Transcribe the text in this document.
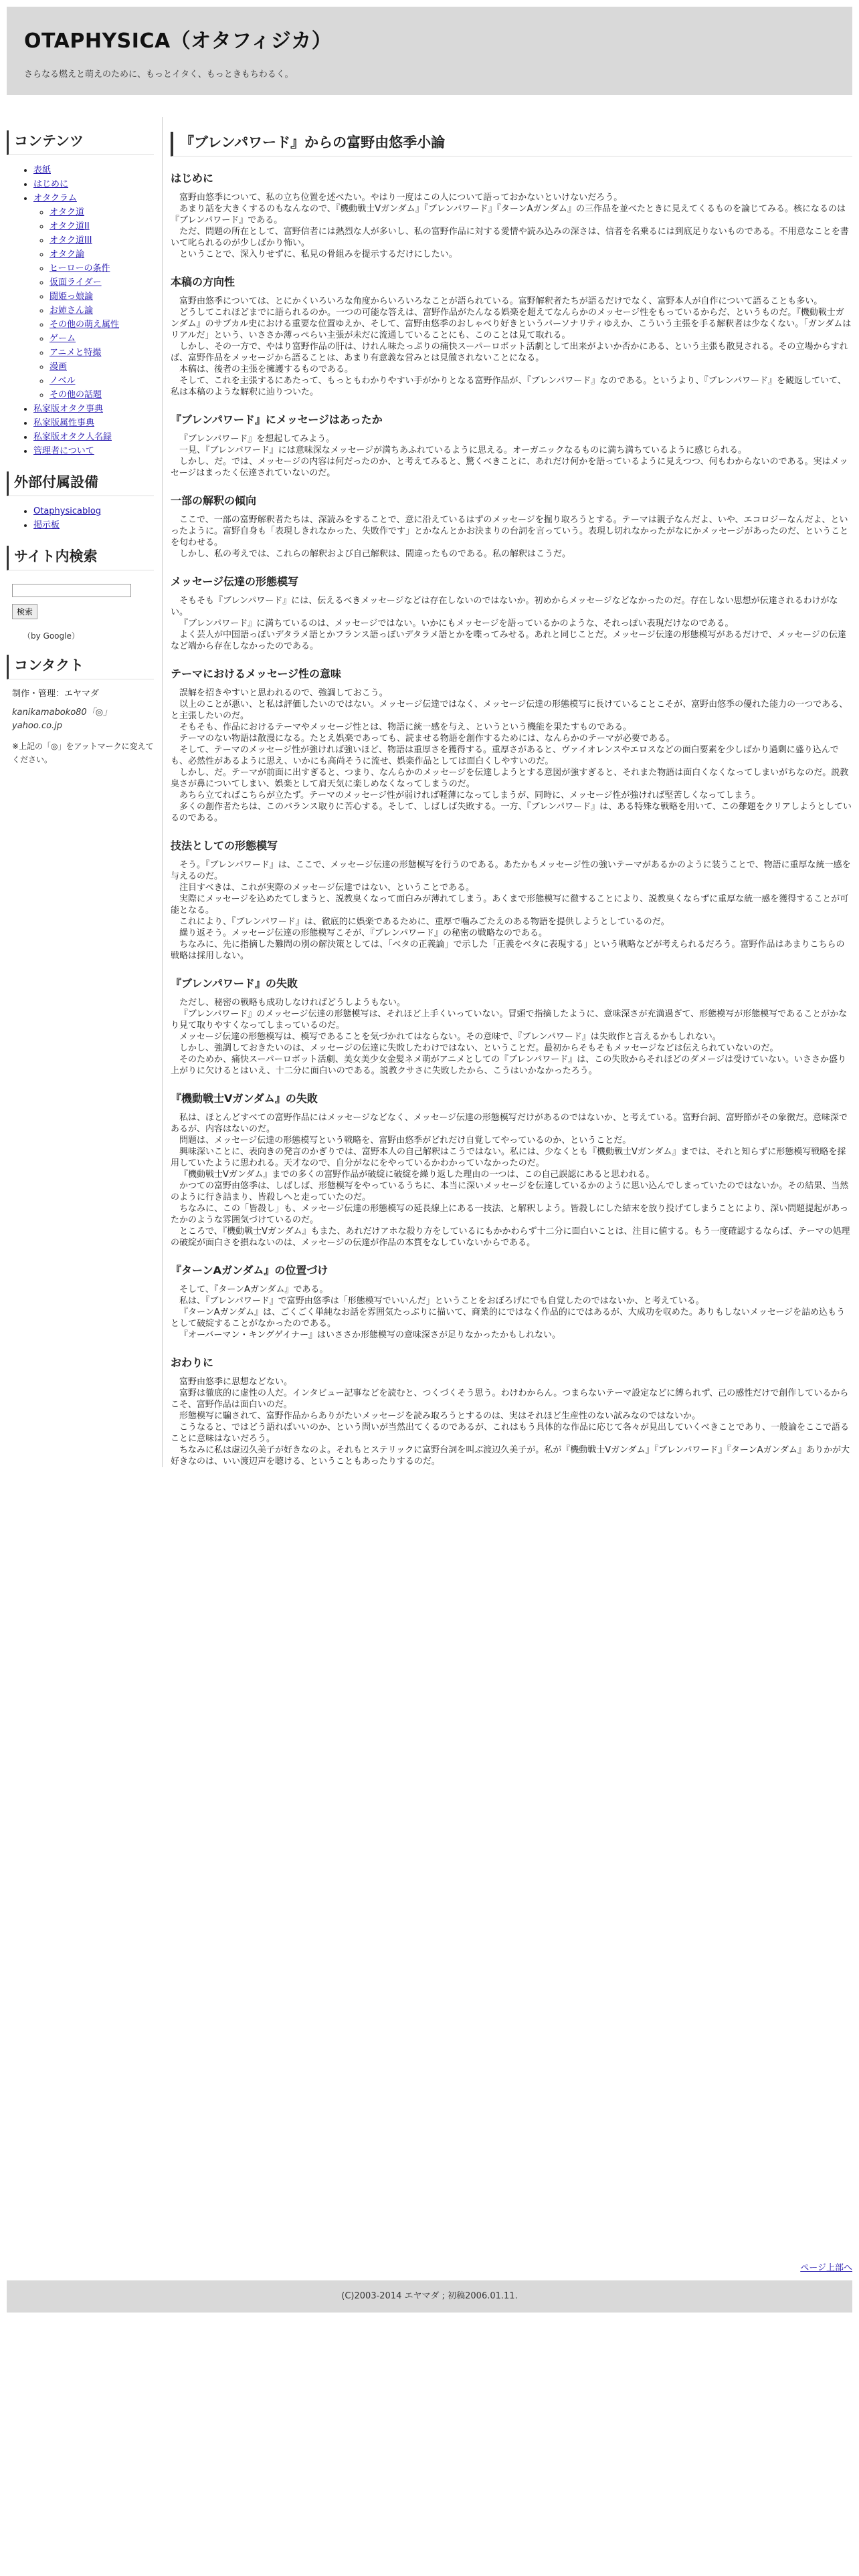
OTAPHYSICA（オタフィジカ）

さらなる燃えと萌えのために、もっとイタく、もっときもちわるく。

コンテンツ
• 表紙
• はじめに
• オタクラム
◦ オタク道
◦ オタク道II
◦ オタク道III
◦ オタク論
◦ ヒーローの条件
◦ 仮面ライダー
◦ 闘姫っ娘論
◦ お姉さん論
◦ その他の萌え属性
◦ ゲーム
◦ アニメと特撮
◦ 漫画
◦ ノベル
◦ その他の話題
• 私家版オタク事典
• 私家版属性事典
• 私家版オタク人名録
• 管理者について
外部付属設備
• Otaphysicablog
• 掲示板
サイト内検索

検索
（by Google）
コンタクト

制作・管理：エヤマダ

kanikamaboko80「◎」
yahoo.co.jp

※上記の「◎」をアットマークに変えてください。

『ブレンパワード』からの富野由悠季小論
はじめに

富野由悠季について、私の立ち位置を述べたい。やはり一度はこの人について語っておかないといけないだろう。

あまり話を大きくするのもなんなので、『機動戦士Vガンダム』『ブレンパワード』『ターンAガンダム』の三作品を並べたときに見えてくるものを論じてみる。核になるのは『ブレンパワード』である。

ただ、問題の所在として、富野信者には熱烈な人が多いし、私の富野作品に対する愛情や読み込みの深さは、信者を名乗るには到底足りないものである。不用意なことを書いて叱られるのが少しばかり怖い。

ということで、深入りせずに、私見の骨組みを提示するだけにしたい。

本稿の方向性

富野由悠季については、とにかくいろいろな角度からいろいろなことが語られている。富野解釈者たちが語るだけでなく、富野本人が自作について語ることも多い。

どうしてこれほどまでに語られるのか。一つの可能な答えは、富野作品がたんなる娯楽を超えてなんらかのメッセージ性をもっているからだ、というものだ。『機動戦士ガンダム』のサブカル史における重要な位置ゆえか、そして、富野由悠季のおしゃべり好きというパーソナリティゆえか、こういう主張を手る解釈者は少なくない。「ガンダムはリアルだ」という、いささか薄っぺらい主張が未だに流通していることにも、このことは見て取れる。

しかし、その一方で、やはり富野作品の肝は、けれん味たっぷりの痛快スーパーロボット活劇として出来がよいか否かにある、という主張も散見される。その立場からすれば、富野作品をメッセージから語ることは、あまり有意義な営みとは見做されないことになる。

本稿は、後者の主張を擁護するものである。

そして、これを主張するにあたって、もっともわかりやすい手がかりとなる富野作品が、『ブレンパワード』なのである。というより、『ブレンパワード』を観返していて、私は本稿のような解釈に辿りついた。

『ブレンパワード』にメッセージはあったか

『ブレンパワード』を想起してみよう。

一見、『ブレンパワード』には意味深なメッセージが満ちあふれているように思える。オーガニックなるものに満ち満ちているように感じられる。

しかし、だ。では、メッセージの内容は何だったのか、と考えてみると、驚くべきことに、あれだけ何かを語っているように見えつつ、何もわからないのである。実はメッセージはまったく伝達されていないのだ。

一部の解釈の傾向

ここで、一部の富野解釈者たちは、深読みをすることで、意に沿えているはずのメッセージを掘り取ろうとする。テーマは親子なんだよ、いや、エコロジーなんだよ、といったように。富野自身も「表現しきれなかった、失敗作です」とかなんとかお決まりの台詞を言っていう。表現し切れなかったがなにかメッセージがあったのだ、ということを匂わせる。

しかし、私の考えでは、これらの解釈および自己解釈は、間違ったものである。私の解釈はこうだ。

メッセージ伝達の形態模写

そもそも『ブレンパワード』には、伝えるべきメッセージなどは存在しないのではないか。初めからメッセージなどなかったのだ。存在しない思想が伝達されるわけがない。

『ブレンパワード』に満ちているのは、メッセージではない。いかにもメッセージを語っているかのような、それっぽい表現だけなのである。

よく芸人が中国語っぽいデタラメ語とかフランス語っぽいデタラメ語とかを喋ってみせる。あれと同じことだ。メッセージ伝達の形態模写があるだけで、メッセージの伝達など端から存在しなかったのである。

テーマにおけるメッセージ性の意味

誤解を招きやすいと思われるので、強調しておこう。

以上のことが悪い、と私は評価したいのではない。メッセージ伝達ではなく、メッセージ伝達の形態模写に長けていることこそが、富野由悠季の優れた能力の一つである、と主張したいのだ。

そもそも、作品におけるテーマやメッセージ性とは、物語に統一感を与え、というという機能を果たすものである。

テーマのない物語は散漫になる。たとえ娯楽であっても、読ませる物語を創作するためには、なんらかのテーマが必要である。

そして、テーマのメッセージ性が強ければ強いほど、物語は重厚さを獲得する。重厚さがあると、ヴァイオレンスやエロスなどの面白要素を少しばかり過剰に盛り込んでも、必然性があるように思え、いかにも高尚そうに流せ、娯楽作品としては面白くしやすいのだ。

しかし、だ。テーマが前面に出すぎると、つまり、なんらかのメッセージを伝達しようとする意図が強すぎると、それまた物語は面白くなくなってしまいがちなのだ。説教臭さが鼻についてしまい、娯楽として肩天気に楽しめなくなってしまうのだ。

あちら立てればこちらが立たず。テーマのメッセージ性が弱ければ軽薄になってしまうが、同時に、メッセージ性が強ければ堅苦しくなってしまう。

多くの創作者たちは、このバランス取りに苦心する。そして、しばしば失敗する。一方、『ブレンパワード』は、ある特殊な戦略を用いて、この難題をクリアしようとしているのである。

技法としての形態模写

そう。『ブレンパワード』は、ここで、メッセージ伝達の形態模写を行うのである。あたかもメッセージ性の強いテーマがあるかのように装うことで、物語に重厚な統一感を与えるのだ。

注目すべきは、これが実際のメッセージ伝達ではない、ということである。

実際にメッセージを込めたてしまうと、説教臭くなって面白みが薄れてしまう。あくまで形態模写に徹することにより、説教臭くならずに重厚な統一感を獲得することが可能となる。

これにより、『ブレンパワード』は、徹底的に娯楽であるために、重厚で噛みごたえのある物語を提供しようとしているのだ。

繰り返そう。メッセージ伝達の形態模写こそが、『ブレンパワード』の秘密の戦略なのである。

ちなみに、先に指摘した難問の別の解決策としては、「ベタの正義論」で示した「正義をベタに表現する」という戦略などが考えられるだろう。富野作品はあまりこちらの戦略は採用しない。

『ブレンパワード』の失敗

ただし、秘密の戦略も成功しなければどうしようもない。

『ブレンパワード』のメッセージ伝達の形態模写は、それほど上手くいっていない。冒頭で指摘したように、意味深さが充満過ぎて、形態模写が形態模写であることがかなり見て取りやすくなってしまっているのだ。

メッセージ伝達の形態模写は、模写であることを気づかれてはならない。その意味で、『ブレンパワード』は失敗作と言えるかもしれない。

しかし、強調しておきたいのは、メッセージの伝達に失敗したわけではない、ということだ。最初からそもそもメッセージなどは伝えられていないのだ。

そのためか、痛快スーパーロボット活劇、美女美少女金髪ネメ萌がアニメとしての『ブレンパワード』は、この失敗からそれほどのダメージは受けていない。いささか盛り上がりに欠けるとはいえ、十二分に面白いのである。説教クサさに失敗したから、こうはいかなかったろう。

『機動戦士Vガンダム』の失敗

私は、ほとんどすべての富野作品にはメッセージなどなく、メッセージ伝達の形態模写だけがあるのではないか、と考えている。富野台詞、富野節がその象徴だ。意味深であるが、内容はないのだ。

問題は、メッセージ伝達の形態模写という戦略を、富野由悠季がどれだけ自覚してやっているのか、ということだ。

興味深いことに、表向きの発言のかぎりでは、富野本人の自己解釈はこうではない。私には、少なくとも『機動戦士Vガンダム』までは、それと知らずに形態模写戦略を採用していたように思われる。天才なので、自分がなにをやっているかわかっていなかったのだ。

『機動戦士Vガンダム』までの多くの富野作品が破綻に破綻を繰り返した理由の一つは、この自己誤認にあると思われる。

かつての富野由悠季は、しばしば、形態模写をやっているうちに、本当に深いメッセージを伝達しているかのように思い込んでしまっていたのではないか。その結果、当然のように行き詰まり、皆殺しへと走っていたのだ。

ちなみに、この「皆殺し」も、メッセージ伝達の形態模写の延長線上にある一技法、と解釈しよう。皆殺しにした結末を放り投げてしまうことにより、深い問題提起があったかのような雰囲気づけているのだ。

ところで、『機動戦士Vガンダム』もまた、あれだけアホな殺り方をしているにもかかわらず十二分に面白いことは、注目に値する。もう一度確認するならば、テーマの処理の破綻が面白さを損ねないのは、メッセージの伝達が作品の本質をなしていないからである。

『ターンAガンダム』の位置づけ

そして、『ターンAガンダム』である。

私は、『ブレンパワード』で富野由悠季は「形態模写でいいんだ」ということをおぼろげにでも自覚したのではないか、と考えている。

『ターンAガンダム』は、ごくごく単純なお話を雰囲気たっぷりに描いて、商業的にではなく作品的にではあるが、大成功を収めた。ありもしないメッセージを詰め込もうとして破綻することがなかったのである。

『オーバーマン・キングゲイナー』はいささか形態模写の意味深さが足りなかったかもしれない。

おわりに

富野由悠季に思想などない。

富野は徹底的に虚性の人だ。インタビュー記事などを読むと、つくづくそう思う。わけわからん。つまらないテーマ設定などに縛られず、己の感性だけで創作しているからこそ、富野作品は面白いのだ。

形態模写に騙されて、富野作品からありがたいメッセージを読み取ろうとするのは、実はそれほど生産性のない試みなのではないか。

こうなると、ではどう語ればいいのか、という問いが当然出てくるのであるが、これはもう具体的な作品に応じて各々が見出していくべきことであり、一般論をここで語ることに意味はないだろう。

ちなみに私は虚辺久美子が好きなのよ。それもとステリックに富野台詞を叫ぶ渡辺久美子が。私が『機動戦士Vガンダム』『ブレンパワード』『ターンAガンダム』ありかが大好きなのは、いい渡辺声を聴ける、ということもあったりするのだ。

ページ上部へ
(C)2003-2014 エヤマダ ; 初稿2006.01.11.
